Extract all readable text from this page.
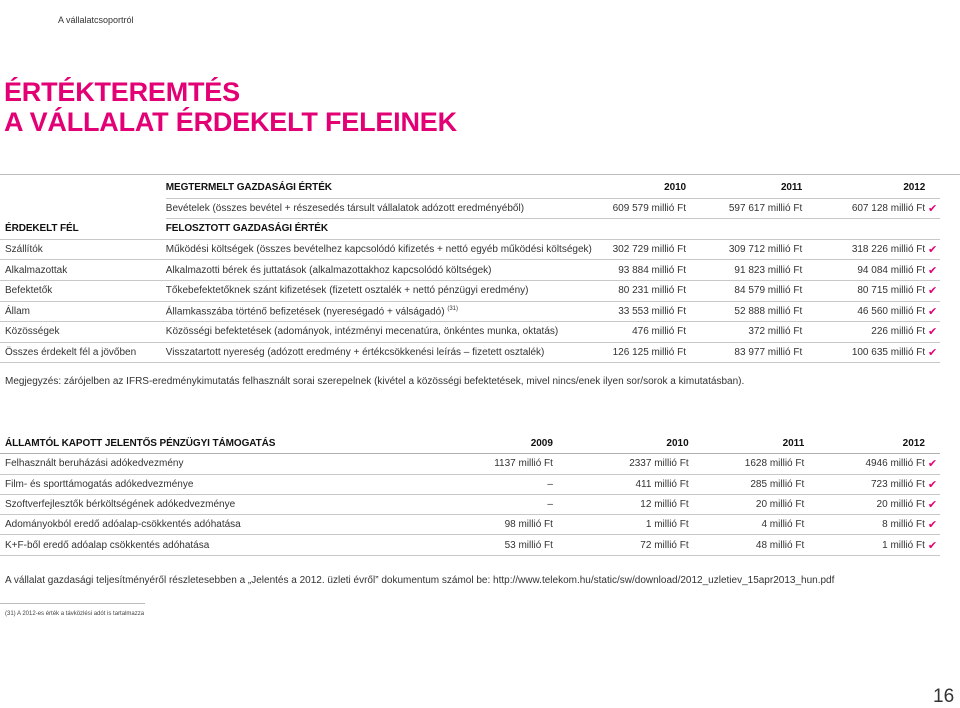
A vállalatcsoportról
ÉRTÉKTEREMTÉS
A VÁLLALAT ÉRDEKELT FELEINEK
	MEGTERMELT GAZDASÁGI ÉRTÉK	2010	2011	2012	
	Bevételek (összes bevétel + részesedés társult vállalatok adózott eredményéből)	609 579 millió Ft	597 617 millió Ft	607 128 millió Ft	✔
ÉRDEKELT FÉL	FELOSZTOTT GAZDASÁGI ÉRTÉK				
Szállítók	Működési költségek (összes bevételhez kapcsolódó kifizetés + nettó egyéb működési költségek)	302 729 millió Ft	309 712 millió Ft	318 226 millió Ft	✔
Alkalmazottak	Alkalmazotti bérek és juttatások (alkalmazottakhoz kapcsolódó költségek)	93 884 millió Ft	91 823 millió Ft	94 084 millió Ft	✔
Befektetők	Tőkebefektetőknek szánt kifizetések (fizetett osztalék + nettó pénzügyi eredmény)	80 231 millió Ft	84 579 millió Ft	80 715 millió Ft	✔
Állam	Államkasszába történő befizetések (nyereségadó + válságadó) $^{(31)}$	33 553 millió Ft	52 888 millió Ft	46 560 millió Ft	✔
Közösségek	Közösségi befektetések (adományok, intézményi mecenatúra, önkéntes munka, oktatás)	476 millió Ft	372 millió Ft	226 millió Ft	✔
Összes érdekelt fél a jövőben	Visszatartott nyereség (adózott eredmény + értékcsökkenési leírás – fizetett osztalék)	126 125 millió Ft	83 977 millió Ft	100 635 millió Ft	✔
Megjegyzés: zárójelben az IFRS-eredménykimutatás felhasznált sorai szerepelnek (kivétel a közösségi befektetések, mivel nincs/enek ilyen sor/sorok a kimutatásban).
ÁLLAMTÓL KAPOTT JELENTŐS PÉNZÜGYI TÁMOGATÁS	2009	2010	2011	2012	
Felhasznált beruházási adókedvezmény	1137 millió Ft	2337 millió Ft	1628 millió Ft	4946 millió Ft	✔
Film- és sporttámogatás adókedvezménye	–	411 millió Ft	285 millió Ft	723 millió Ft	✔
Szoftverfejlesztők bérköltségének adókedvezménye	–	12 millió Ft	20 millió Ft	20 millió Ft	✔
Adományokból eredő adóalap-csökkentés adóhatása	98 millió Ft	1 millió Ft	4 millió Ft	8 millió Ft	✔
K+F-ből eredő adóalap csökkentés adóhatása	53 millió Ft	72 millió Ft	48 millió Ft	1 millió Ft	✔
A vállalat gazdasági teljesítményéről részletesebben a „Jelentés a 2012. üzleti évről” dokumentum számol be: http://www.telekom.hu/static/sw/download/2012_uzletiev_15apr2013_hun.pdf
(31) A 2012-es érték a távközlési adót is tartalmazza
16
